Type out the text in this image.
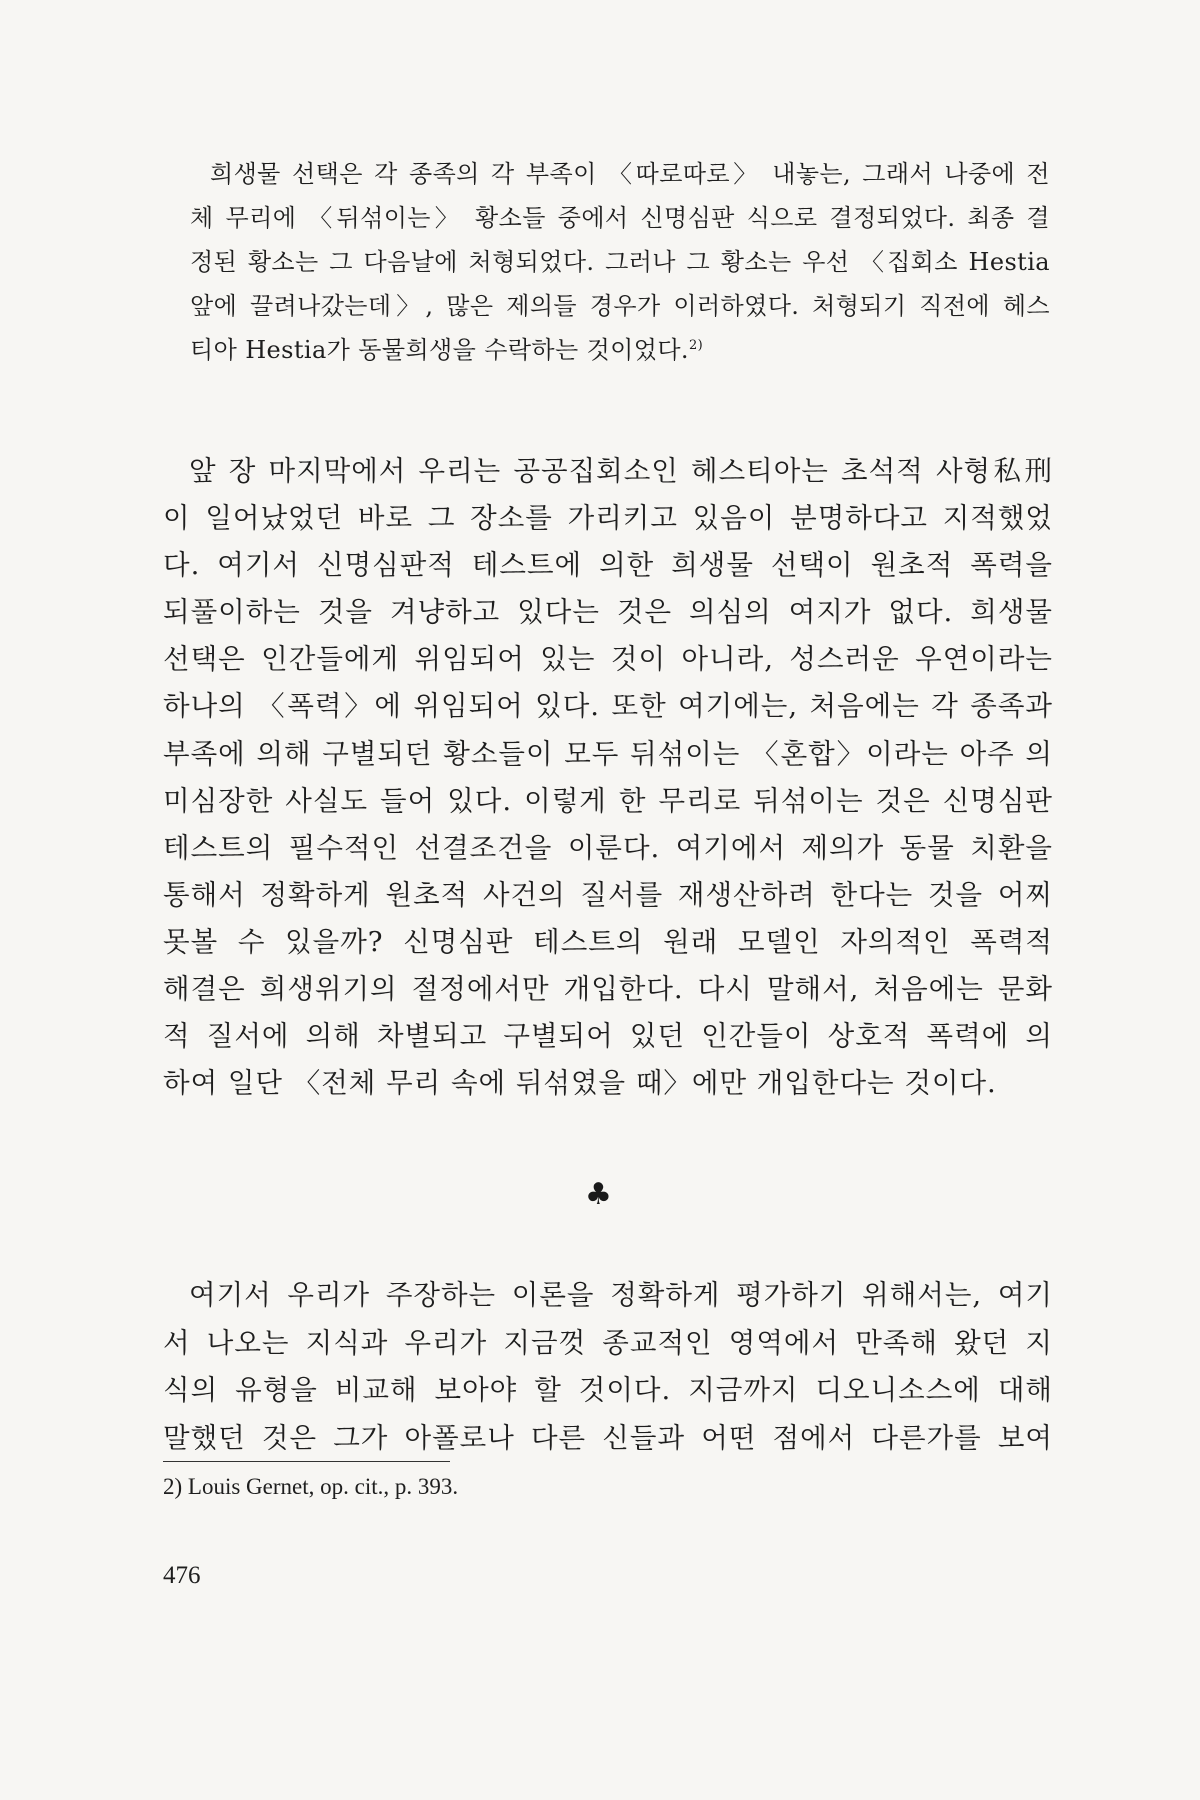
희생물 선택은 각 종족의 각 부족이 〈따로따로〉 내놓는, 그래서 나중에 전
체 무리에 〈뒤섞이는〉 황소들 중에서 신명심판 식으로 결정되었다. 최종 결
정된 황소는 그 다음날에 처형되었다. 그러나 그 황소는 우선 〈집회소 Hestia
앞에 끌려나갔는데〉, 많은 제의들 경우가 이러하였다. 처형되기 직전에 헤스
티아 Hestia가 동물희생을 수락하는 것이었다.$^{2)}$
앞 장 마지막에서 우리는 공공집회소인 헤스티아는 초석적 사형私刑
이 일어났었던 바로 그 장소를 가리키고 있음이 분명하다고 지적했었
다. 여기서 신명심판적 테스트에 의한 희생물 선택이 원초적 폭력을
되풀이하는 것을 겨냥하고 있다는 것은 의심의 여지가 없다. 희생물
선택은 인간들에게 위임되어 있는 것이 아니라, 성스러운 우연이라는
하나의 〈폭력〉에 위임되어 있다. 또한 여기에는, 처음에는 각 종족과
부족에 의해 구별되던 황소들이 모두 뒤섞이는 〈혼합〉이라는 아주 의
미심장한 사실도 들어 있다. 이렇게 한 무리로 뒤섞이는 것은 신명심판
테스트의 필수적인 선결조건을 이룬다. 여기에서 제의가 동물 치환을
통해서 정확하게 원초적 사건의 질서를 재생산하려 한다는 것을 어찌
못볼 수 있을까? 신명심판 테스트의 원래 모델인 자의적인 폭력적
해결은 희생위기의 절정에서만 개입한다. 다시 말해서, 처음에는 문화
적 질서에 의해 차별되고 구별되어 있던 인간들이 상호적 폭력에 의
하여 일단 〈전체 무리 속에 뒤섞였을 때〉에만 개입한다는 것이다.
♣
여기서 우리가 주장하는 이론을 정확하게 평가하기 위해서는, 여기
서 나오는 지식과 우리가 지금껏 종교적인 영역에서 만족해 왔던 지
식의 유형을 비교해 보아야 할 것이다. 지금까지 디오니소스에 대해
말했던 것은 그가 아폴로나 다른 신들과 어떤 점에서 다른가를 보여
2) Louis Gernet, op. cit., p. 393.
476
